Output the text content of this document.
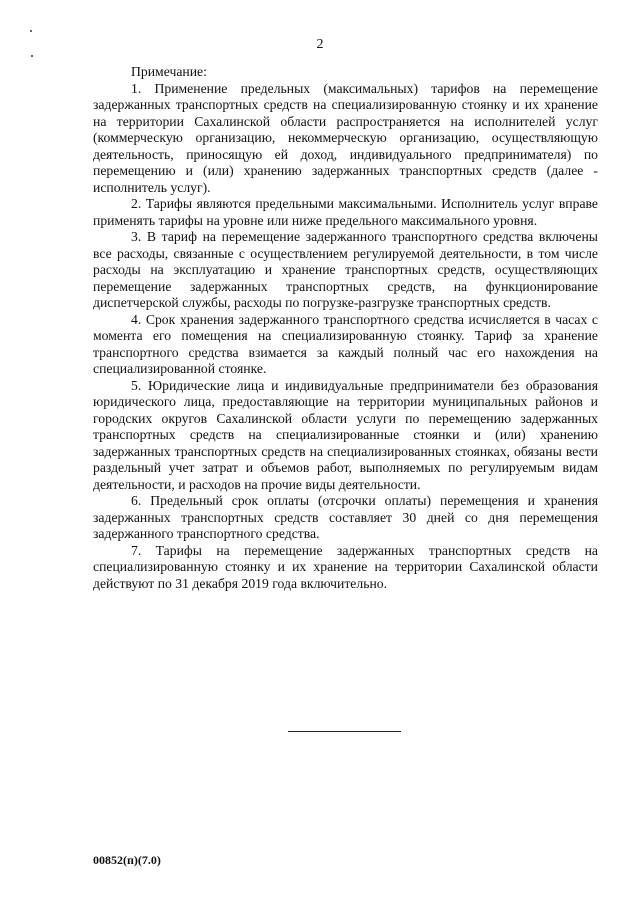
2

Примечание:

1. Применение предельных (максимальных) тарифов на перемещение задержанных транспортных средств на специализированную стоянку и их хранение на территории Сахалинской области распространяется на исполнителей услуг (коммерческую организацию, некоммерческую организацию, осуществляющую деятельность, приносящую ей доход, индивидуального предпринимателя) по перемещению и (или) хранению задержанных транспортных средств (далее - исполнитель услуг).

2. Тарифы являются предельными максимальными. Исполнитель услуг вправе применять тарифы на уровне или ниже предельного максимального уровня.

3. В тариф на перемещение задержанного транспортного средства включены все расходы, связанные с осуществлением регулируемой деятельности, в том числе расходы на эксплуатацию и хранение транспортных средств, осуществляющих перемещение задержанных транспортных средств, на функционирование диспетчерской службы, расходы по погрузке-разгрузке транспортных средств.

4. Срок хранения задержанного транспортного средства исчисляется в часах с момента его помещения на специализированную стоянку. Тариф за хранение транспортного средства взимается за каждый полный час его нахождения на специализированной стоянке.

5. Юридические лица и индивидуальные предприниматели без образования юридического лица, предоставляющие на территории муниципальных районов и городских округов Сахалинской области услуги по перемещению задержанных транспортных средств на специализированные стоянки и (или) хранению задержанных транспортных средств на специализированных стоянках, обязаны вести раздельный учет затрат и объемов работ, выполняемых по регулируемым видам деятельности, и расходов на прочие виды деятельности.

6. Предельный срок оплаты (отсрочки оплаты) перемещения и хранения задержанных транспортных средств составляет 30 дней со дня перемещения задержанного транспортного средства.

7. Тарифы на перемещение задержанных транспортных средств на специализированную стоянку и их хранение на территории Сахалинской области действуют по 31 декабря 2019 года включительно.

00852(п)(7.0)
